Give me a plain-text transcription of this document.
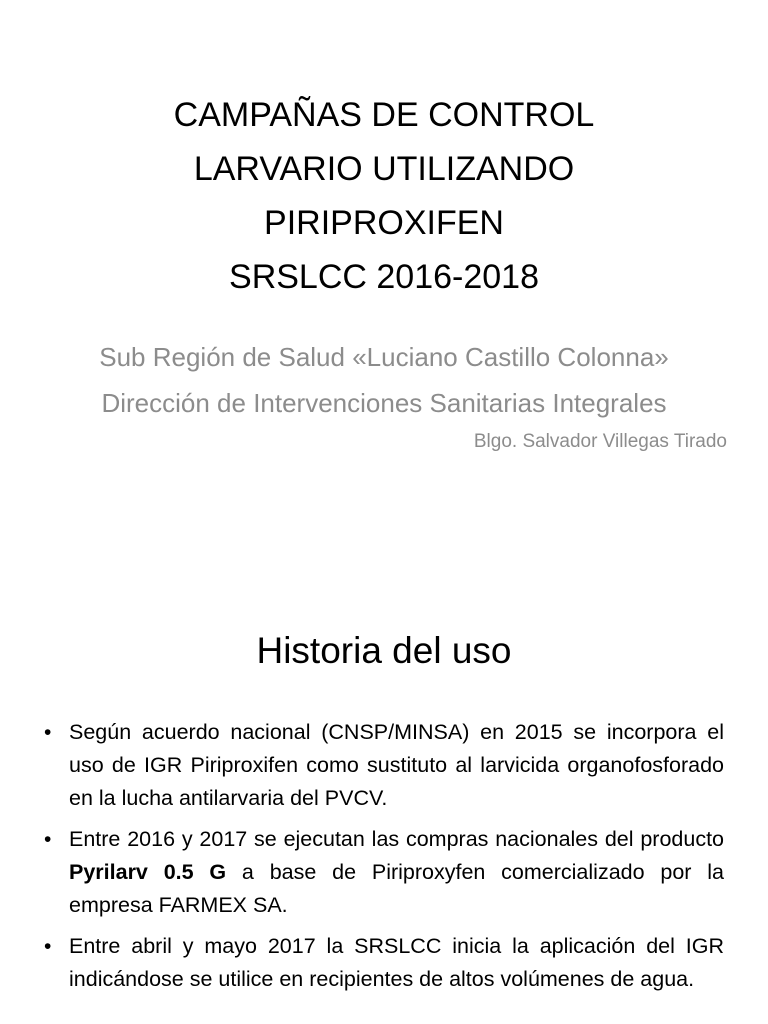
CAMPAÑAS DE CONTROL
LARVARIO UTILIZANDO
PIRIPROXIFEN
SRSLCC 2016-2018
Sub Región de Salud «Luciano Castillo Colonna»
Dirección de Intervenciones Sanitarias Integrales
Blgo. Salvador Villegas Tirado
Historia del uso
• Según acuerdo nacional (CNSP/MINSA) en 2015 se incorpora el uso de IGR Piriproxifen como sustituto al larvicida organofosforado en la lucha antilarvaria del PVCV.
• Entre 2016 y 2017 se ejecutan las compras nacionales del producto Pyrilarv 0.5 G a base de Piriproxyfen comercializado por la empresa FARMEX SA.
• Entre abril y mayo 2017 la SRSLCC inicia la aplicación del IGR indicándose se utilice en recipientes de altos volúmenes de agua.
